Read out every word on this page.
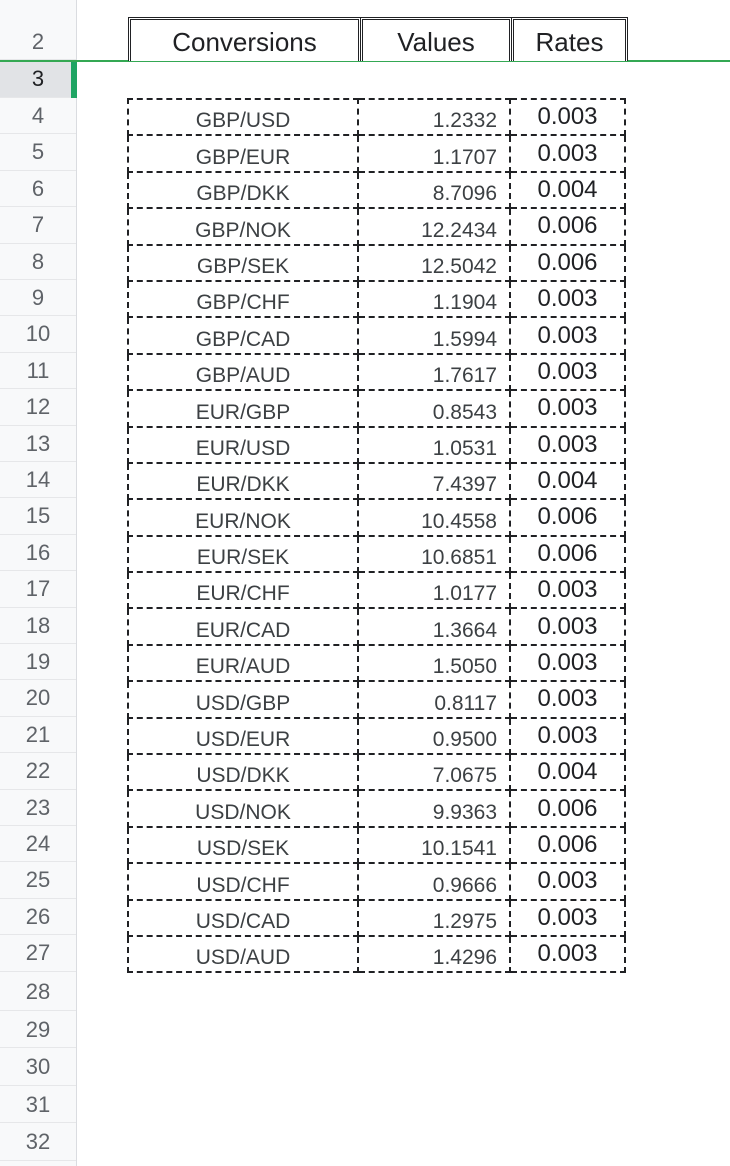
2
3
4
5
6
7
8
9
10
11
12
13
14
15
16
17
18
19
20
21
22
23
24
25
26
27
28
29
30
31
32
Conversions	Values	Rates
GBP/USD	1.2332	0.003
GBP/EUR	1.1707	0.003
GBP/DKK	8.7096	0.004
GBP/NOK	12.2434	0.006
GBP/SEK	12.5042	0.006
GBP/CHF	1.1904	0.003
GBP/CAD	1.5994	0.003
GBP/AUD	1.7617	0.003
EUR/GBP	0.8543	0.003
EUR/USD	1.0531	0.003
EUR/DKK	7.4397	0.004
EUR/NOK	10.4558	0.006
EUR/SEK	10.6851	0.006
EUR/CHF	1.0177	0.003
EUR/CAD	1.3664	0.003
EUR/AUD	1.5050	0.003
USD/GBP	0.8117	0.003
USD/EUR	0.9500	0.003
USD/DKK	7.0675	0.004
USD/NOK	9.9363	0.006
USD/SEK	10.1541	0.006
USD/CHF	0.9666	0.003
USD/CAD	1.2975	0.003
USD/AUD	1.4296	0.003
